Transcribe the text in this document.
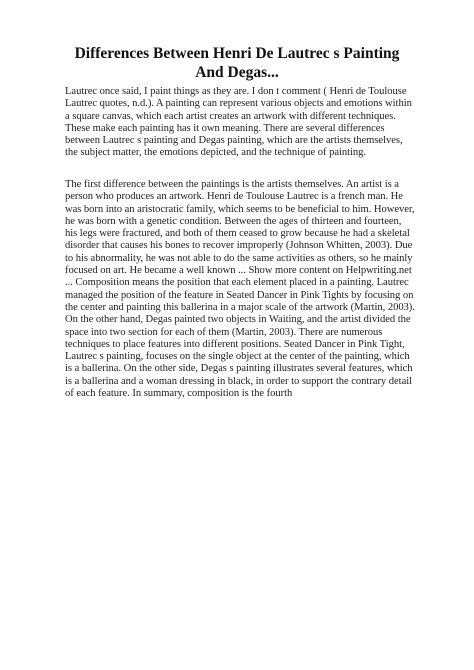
Differences Between Henri De Lautrec s Painting And Degas...

Lautrec once said, I paint things as they are. I don t comment ( Henri de Toulouse Lautrec quotes, n.d.). A painting can represent various objects and emotions within a square canvas, which each artist creates an artwork with different techniques. These make each painting has it own meaning. There are several differences between Lautrec s painting and Degas painting, which are the artists themselves, the subject matter, the emotions depicted, and the technique of painting.

The first difference between the paintings is the artists themselves. An artist is a person who produces an artwork. Henri de Toulouse Lautrec is a french man. He was born into an aristocratic family, which seems to be beneficial to him. However, he was born with a genetic condition. Between the ages of thirteen and fourteen, his legs were fractured, and both of them ceased to grow because he had a skeletal disorder that causes his bones to recover improperly (Johnson Whitten, 2003). Due to his abnormality, he was not able to do the same activities as others, so he mainly focused on art. He became a well known ... Show more content on Helpwriting.net ... Composition means the position that each element placed in a painting. Lautrec managed the position of the feature in Seated Dancer in Pink Tights by focusing on the center and painting this ballerina in a major scale of the artwork (Martin, 2003). On the other hand, Degas painted two objects in Waiting, and the artist divided the space into two section for each of them (Martin, 2003). There are numerous techniques to place features into different positions. Seated Dancer in Pink Tight, Lautrec s painting, focuses on the single object at the center of the painting, which is a ballerina. On the other side, Degas s painting illustrates several features, which is a ballerina and a woman dressing in black, in order to support the contrary detail of each feature. In summary, composition is the fourth
